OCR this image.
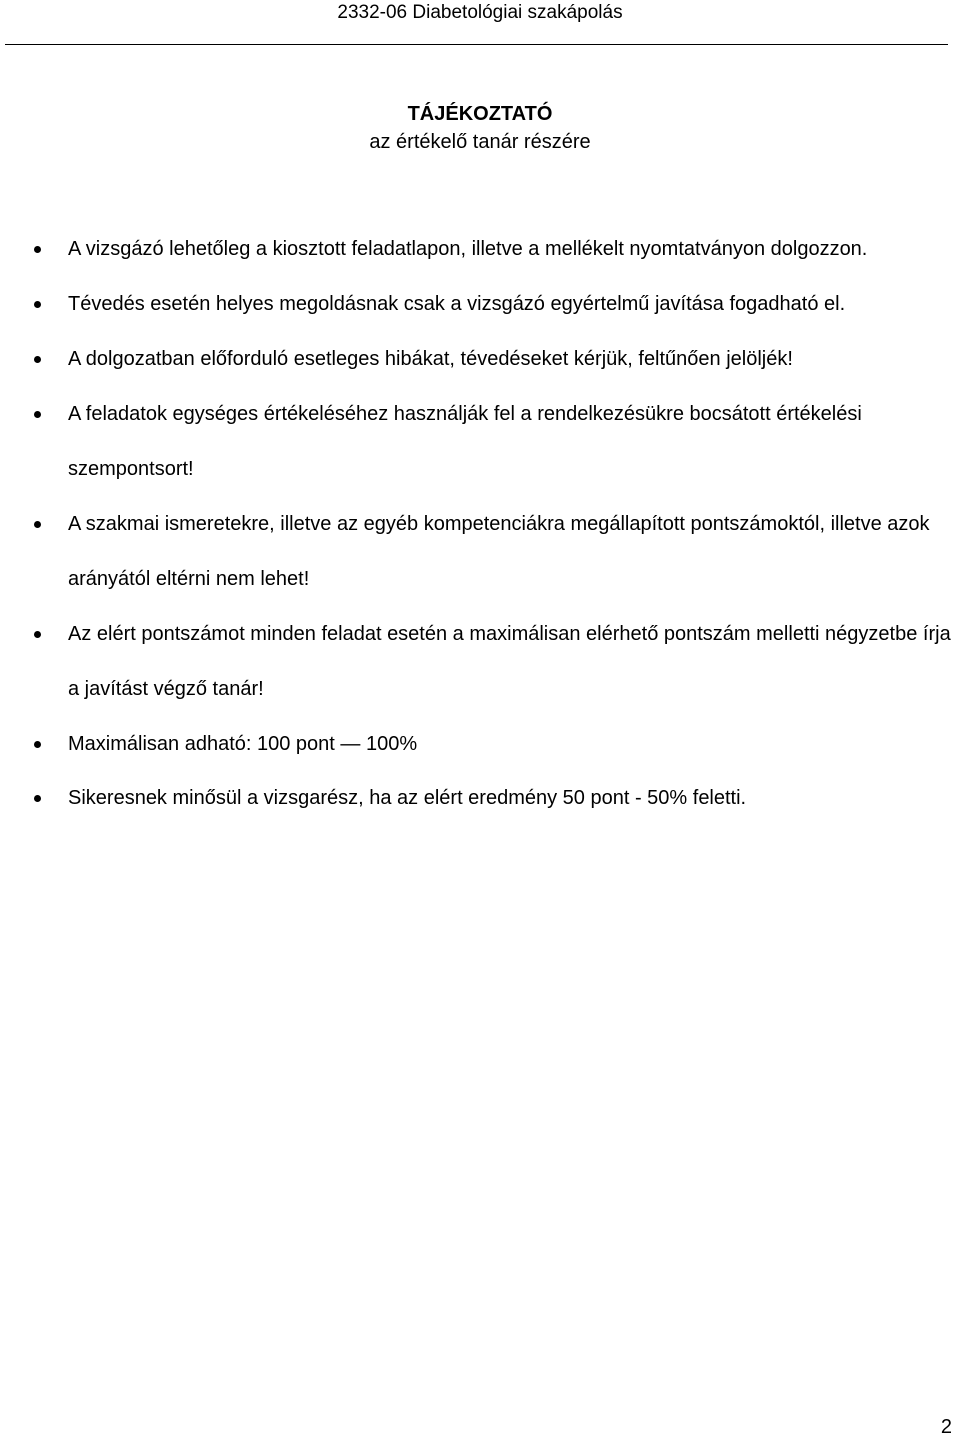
2332-06 Diabetológiai szakápolás
TÁJÉKOZTATÓ
az értékelő tanár részére
A vizsgázó lehetőleg a kiosztott feladatlapon, illetve a mellékelt nyomtatványon dolgozzon.
Tévedés esetén helyes megoldásnak csak a vizsgázó egyértelmű javítása fogadható el.
A dolgozatban előforduló esetleges hibákat, tévedéseket kérjük, feltűnően jelöljék!
A feladatok egységes értékeléséhez használják fel a rendelkezésükre bocsátott értékelési szempontsort!
A szakmai ismeretekre, illetve az egyéb kompetenciákra megállapított pontszámoktól, illetve azok arányától eltérni nem lehet!
Az elért pontszámot minden feladat esetén a maximálisan elérhető pontszám melletti négyzetbe írja a javítást végző tanár!
Maximálisan adható: 100 pont — 100%
Sikeresnek minősül a vizsgarész, ha az elért eredmény 50 pont - 50% feletti.
2
